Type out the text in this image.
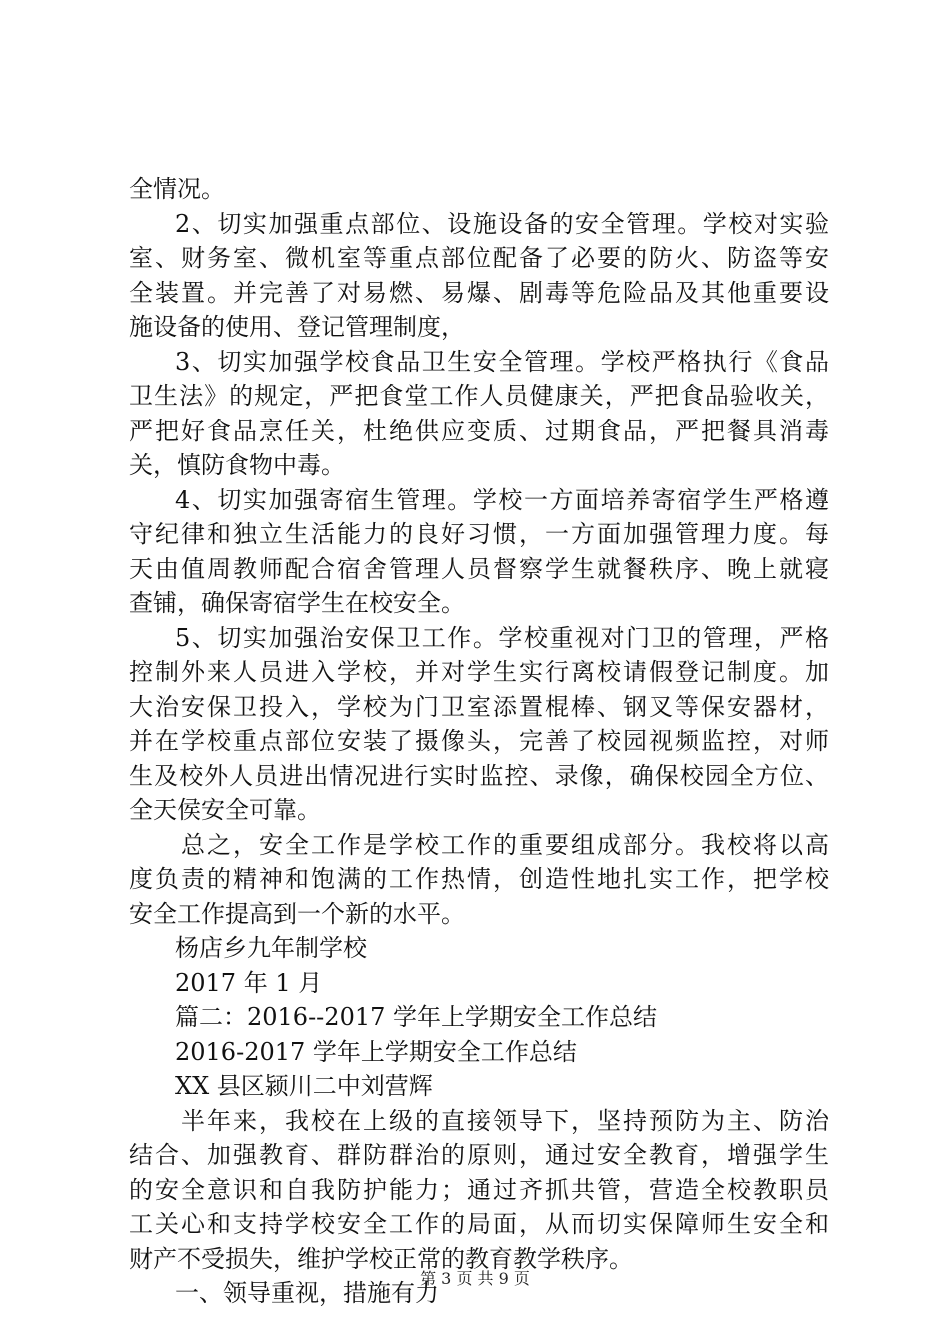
全情况。
2、切实加强重点部位、设施设备的安全管理。学校对实验
室、财务室、微机室等重点部位配备了必要的防火、防盗等安
全装置。并完善了对易燃、易爆、剧毒等危险品及其他重要设
施设备的使用、登记管理制度，
3、切实加强学校食品卫生安全管理。学校严格执行《食品
卫生法》的规定，严把食堂工作人员健康关，严把食品验收关，
严把好食品烹任关，杜绝供应变质、过期食品，严把餐具消毒
关，慎防食物中毒。
4、切实加强寄宿生管理。学校一方面培养寄宿学生严格遵
守纪律和独立生活能力的良好习惯，一方面加强管理力度。每
天由值周教师配合宿舍管理人员督察学生就餐秩序、晚上就寝
查铺，确保寄宿学生在校安全。
5、切实加强治安保卫工作。学校重视对门卫的管理，严格
控制外来人员进入学校，并对学生实行离校请假登记制度。加
大治安保卫投入，学校为门卫室添置棍棒、钢叉等保安器材，
并在学校重点部位安装了摄像头，完善了校园视频监控，对师
生及校外人员进出情况进行实时监控、录像，确保校园全方位、
全天侯安全可靠。
总之，安全工作是学校工作的重要组成部分。我校将以高
度负责的精神和饱满的工作热情，创造性地扎实工作，把学校
安全工作提高到一个新的水平。
杨店乡九年制学校
2017 年 1 月
篇二：2016--2017 学年上学期安全工作总结
2016-2017 学年上学期安全工作总结
XX 县区颍川二中刘营辉
半年来，我校在上级的直接领导下，坚持预防为主、防治
结合、加强教育、群防群治的原则，通过安全教育，增强学生
的安全意识和自我防护能力；通过齐抓共管，营造全校教职员
工关心和支持学校安全工作的局面，从而切实保障师生安全和
财产不受损失，维护学校正常的教育教学秩序。
一、领导重视，措施有力
第 3 页 共 9 页
